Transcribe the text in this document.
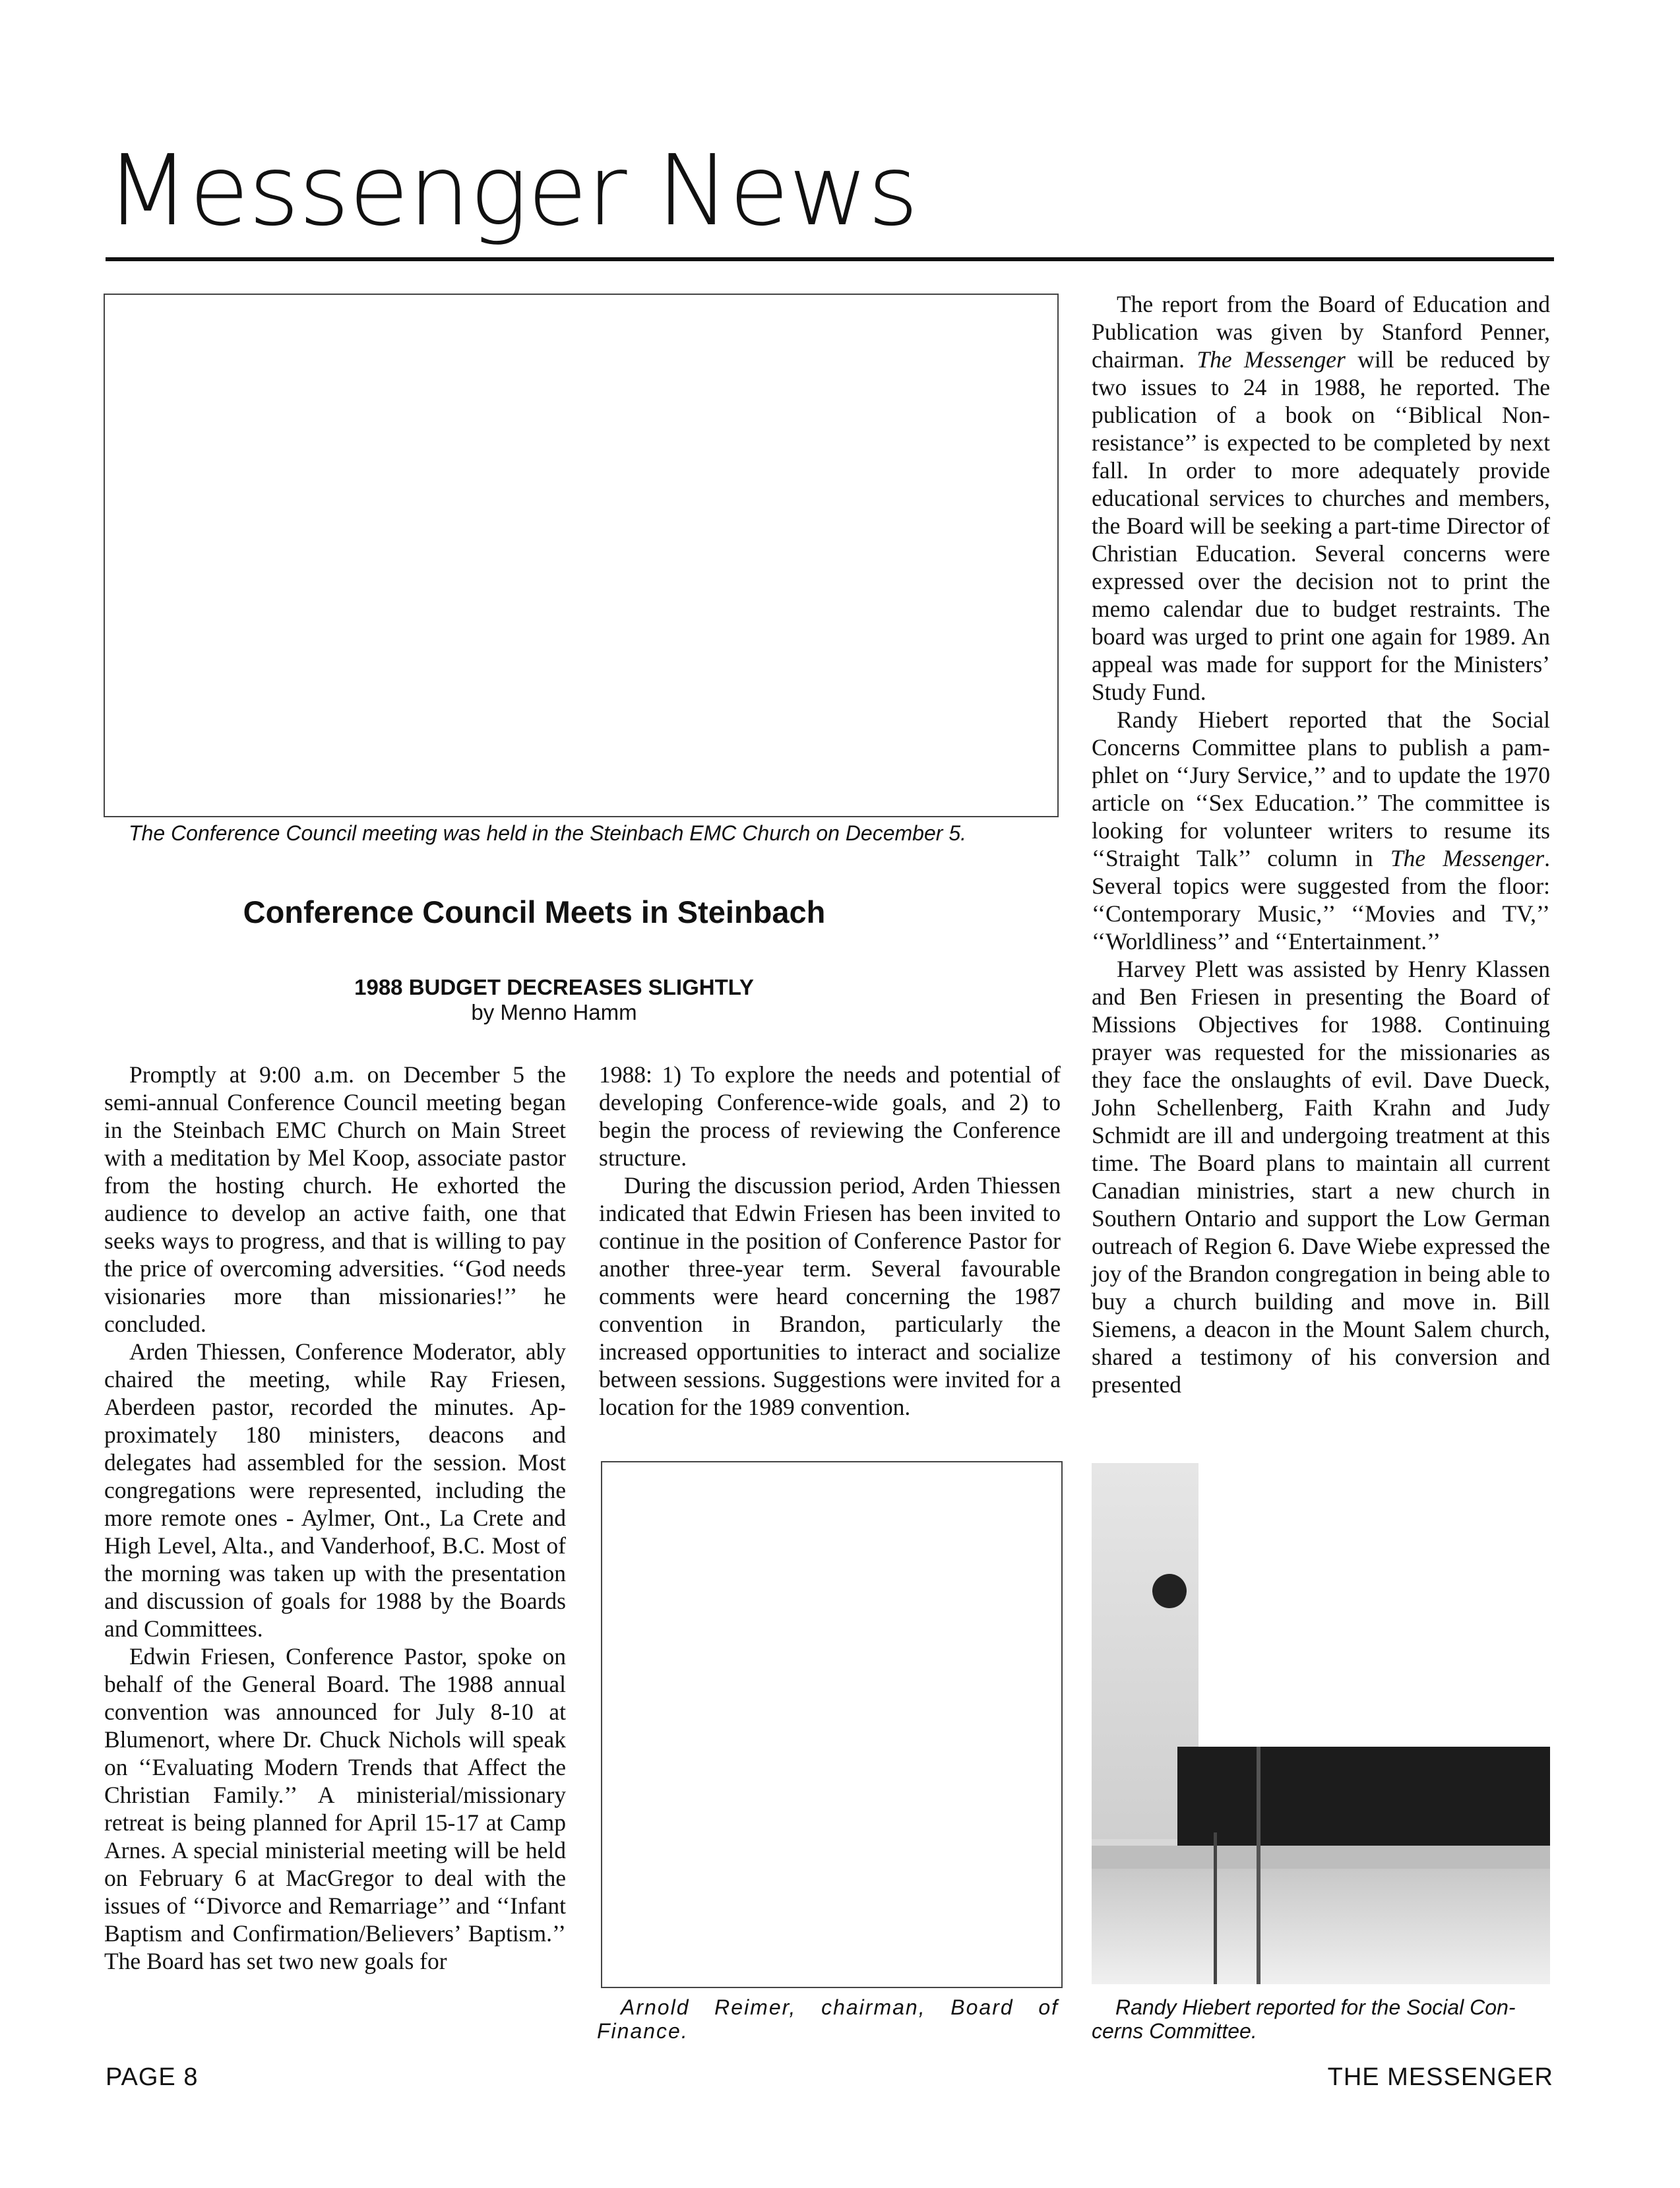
Messenger News
The Conference Council meeting was held in the Steinbach EMC Church on December 5.
Conference Council Meets in Steinbach
1988 BUDGET DECREASES SLIGHTLY
by Menno Hamm

Promptly at 9:00 a.m. on December 5 the semi-annual Conference Council meeting began in the Steinbach EMC Church on Main Street with a meditation by Mel Koop, associate pastor from the hosting church. He exhorted the audience to develop an active faith, one that seeks ways to progress, and that is willing to pay the price of overcoming adversities. ‘‘God needs visionaries more than missionaries!’’ he concluded.

Arden Thiessen, Conference Moderator, ably chaired the meeting, while Ray Friesen, Aberdeen pastor, recorded the minutes. Approximately 180 ministers, deacons and delegates had assembled for the session. Most congregations were represented, including the more remote ones - Aylmer, Ont., La Crete and High Level, Alta., and Vanderhoof, B.C. Most of the morning was taken up with the presentation and discussion of goals for 1988 by the Boards and Committees.

Edwin Friesen, Conference Pastor, spoke on behalf of the General Board. The 1988 annual convention was announced for July 8-10 at Blumenort, where Dr. Chuck Nichols will speak on ‘‘Evaluating Modern Trends that Affect the Christian Family.’’ A ministerial/missionary retreat is being planned for April 15-17 at Camp Arnes. A special ministerial meeting will be held on February 6 at MacGregor to deal with the issues of ‘‘Divorce and Remarriage’’ and ‘‘Infant Baptism and Confirmation/Believers’ Baptism.’’ The Board has set two new goals for

1988: 1) To explore the needs and potential of developing Conference-wide goals, and 2) to begin the process of reviewing the Conference structure.

During the discussion period, Arden Thiessen indicated that Edwin Friesen has been invited to continue in the position of Conference Pastor for another three-year term. Several favourable comments were heard concerning the 1987 convention in Brandon, particularly the increased opportunities to interact and socialize between sessions. Suggestions were invited for a location for the 1989 convention.

Arnold Reimer, chairman, Board of Finance.

The report from the Board of Education and Publication was given by Stanford Penner, chairman. The Messenger will be reduced by two issues to 24 in 1988, he reported. The publication of a book on ‘‘Biblical Nonresistance’’ is expected to be completed by next fall. In order to more adequately provide educational services to churches and members, the Board will be seeking a part-time Director of Christian Education. Several concerns were expressed over the decision not to print the memo calendar due to budget restraints. The board was urged to print one again for 1989. An appeal was made for support for the Ministers’ Study Fund.

Randy Hiebert reported that the Social Concerns Committee plans to publish a pamphlet on ‘‘Jury Service,’’ and to update the 1970 article on ‘‘Sex Education.’’ The committee is looking for volunteer writers to resume its ‘‘Straight Talk’’ column in The Messenger. Several topics were suggested from the floor: ‘‘Contemporary Music,’’ ‘‘Movies and TV,’’ ‘‘Worldliness’’ and ‘‘Entertainment.’’

Harvey Plett was assisted by Henry Klassen and Ben Friesen in presenting the Board of Missions Objectives for 1988. Continuing prayer was requested for the missionaries as they face the onslaughts of evil. Dave Dueck, John Schellenberg, Faith Krahn and Judy Schmidt are ill and undergoing treatment at this time. The Board plans to maintain all current Canadian ministries, start a new church in Southern Ontario and support the Low German outreach of Region 6. Dave Wiebe expressed the joy of the Brandon congregation in being able to buy a church building and move in. Bill Siemens, a deacon in the Mount Salem church, shared a testimony of his conversion and presented

Randy Hiebert reported for the Social Concerns Committee.
PAGE 8	THE MESSENGER
